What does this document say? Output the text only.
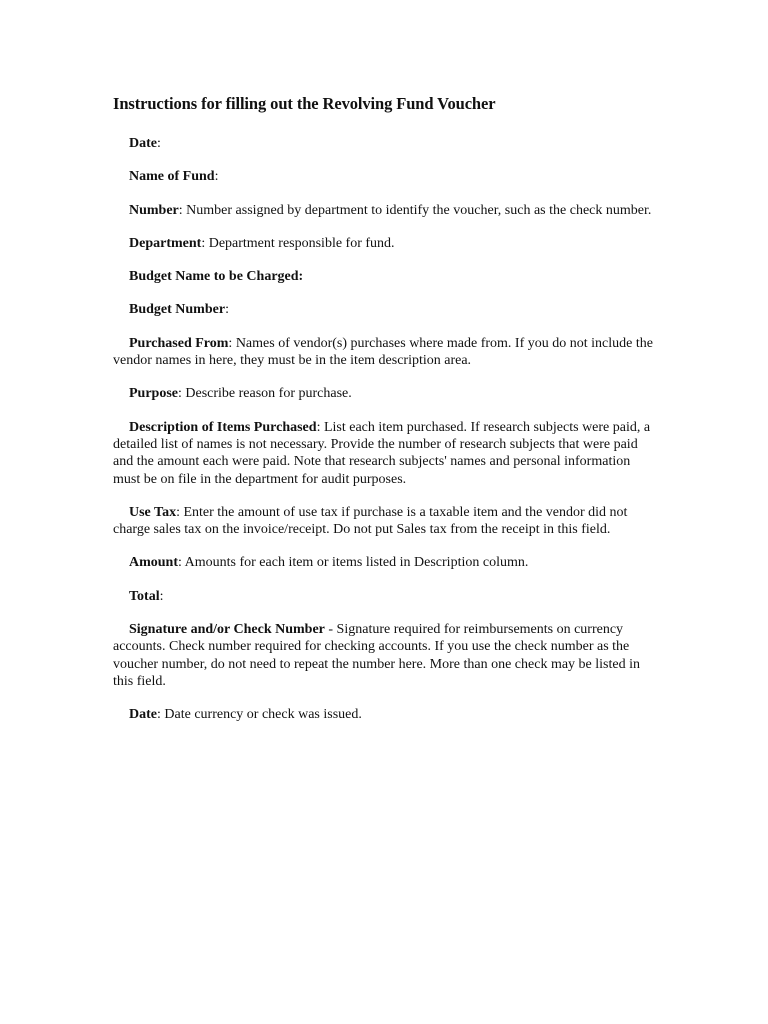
Instructions for filling out the Revolving Fund Voucher
Date:
Name of Fund:
Number: Number assigned by department to identify the voucher, such as the check number.
Department: Department responsible for fund.
Budget Name to be Charged:
Budget Number:
Purchased From: Names of vendor(s) purchases where made from. If you do not include the vendor names in here, they must be in the item description area.
Purpose: Describe reason for purchase.
Description of Items Purchased: List each item purchased. If research subjects were paid, a detailed list of names is not necessary. Provide the number of research subjects that were paid and the amount each were paid. Note that research subjects' names and personal information must be on file in the department for audit purposes.
Use Tax: Enter the amount of use tax if purchase is a taxable item and the vendor did not charge sales tax on the invoice/receipt. Do not put Sales tax from the receipt in this field.
Amount: Amounts for each item or items listed in Description column.
Total:
Signature and/or Check Number - Signature required for reimbursements on currency accounts. Check number required for checking accounts. If you use the check number as the voucher number, do not need to repeat the number here. More than one check may be listed in this field.
Date: Date currency or check was issued.
